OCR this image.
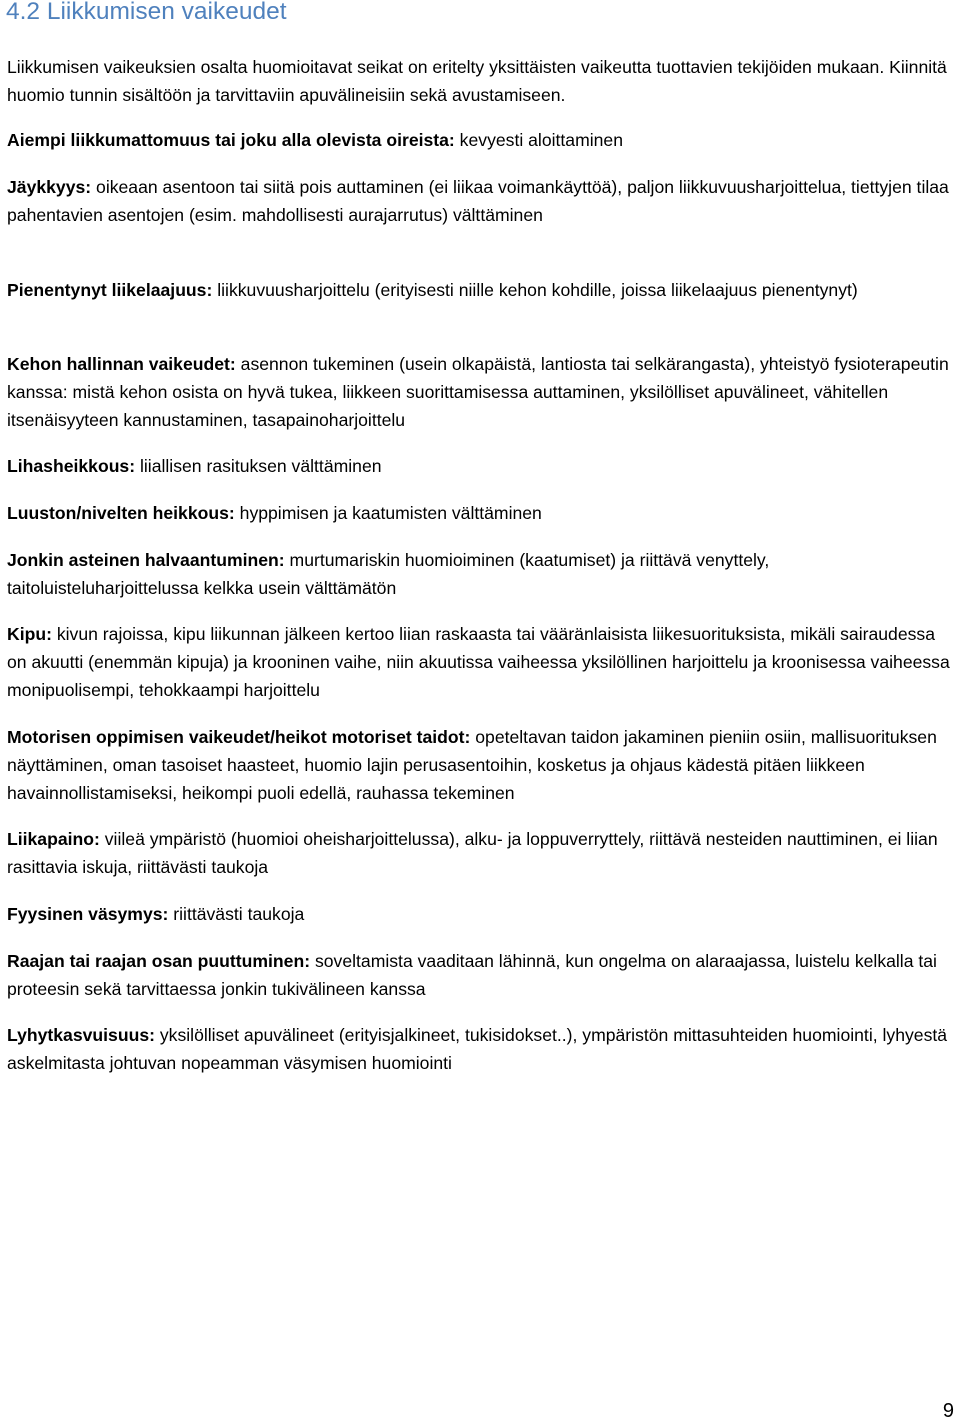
4.2 Liikkumisen vaikeudet

Liikkumisen vaikeuksien osalta huomioitavat seikat on eritelty yksittäisten vaikeutta tuottavien tekijöiden mukaan. Kiinnitä huomio tunnin sisältöön ja tarvittaviin apuvälineisiin sekä avustamiseen.

Aiempi liikkumattomuus tai joku alla olevista oireista: kevyesti aloittaminen

Jäykkyys: oikeaan asentoon tai siitä pois auttaminen (ei liikaa voimankäyttöä), paljon liikkuvuusharjoittelua, tiettyjen tilaa pahentavien asentojen (esim. mahdollisesti aurajarrutus) välttäminen

Pienentynyt liikelaajuus: liikkuvuusharjoittelu (erityisesti niille kehon kohdille, joissa liikelaajuus pienentynyt)

Kehon hallinnan vaikeudet: asennon tukeminen (usein olkapäistä, lantiosta tai selkärangasta), yhteistyö fysioterapeutin kanssa: mistä kehon osista on hyvä tukea, liikkeen suorittamisessa auttaminen, yksilölliset apuvälineet, vähitellen itsenäisyyteen kannustaminen, tasapainoharjoittelu

Lihasheikkous: liiallisen rasituksen välttäminen

Luuston/nivelten heikkous: hyppimisen ja kaatumisten välttäminen

Jonkin asteinen halvaantuminen: murtumariskin huomioiminen (kaatumiset) ja riittävä venyttely, taitoluisteluharjoittelussa kelkka usein välttämätön

Kipu: kivun rajoissa, kipu liikunnan jälkeen kertoo liian raskaasta tai vääränlaisista liikesuorituksista, mikäli sairaudessa on akuutti (enemmän kipuja) ja krooninen vaihe, niin akuutissa vaiheessa yksilöllinen harjoittelu ja kroonisessa vaiheessa monipuolisempi, tehokkaampi harjoittelu

Motorisen oppimisen vaikeudet/heikot motoriset taidot: opeteltavan taidon jakaminen pieniin osiin, mallisuorituksen näyttäminen, oman tasoiset haasteet, huomio lajin perusasentoihin, kosketus ja ohjaus kädestä pitäen liikkeen havainnollistamiseksi, heikompi puoli edellä, rauhassa tekeminen

Liikapaino: viileä ympäristö (huomioi oheisharjoittelussa), alku- ja loppuverryttely, riittävä nesteiden nauttiminen, ei liian rasittavia iskuja, riittävästi taukoja

Fyysinen väsymys: riittävästi taukoja

Raajan tai raajan osan puuttuminen: soveltamista vaaditaan lähinnä, kun ongelma on alaraajassa, luistelu kelkalla tai proteesin sekä tarvittaessa jonkin tukivälineen kanssa

Lyhytkasvuisuus: yksilölliset apuvälineet (erityisjalkineet, tukisidokset..), ympäristön mittasuhteiden huomiointi, lyhyestä askelmitasta johtuvan nopeamman väsymisen huomiointi

9
